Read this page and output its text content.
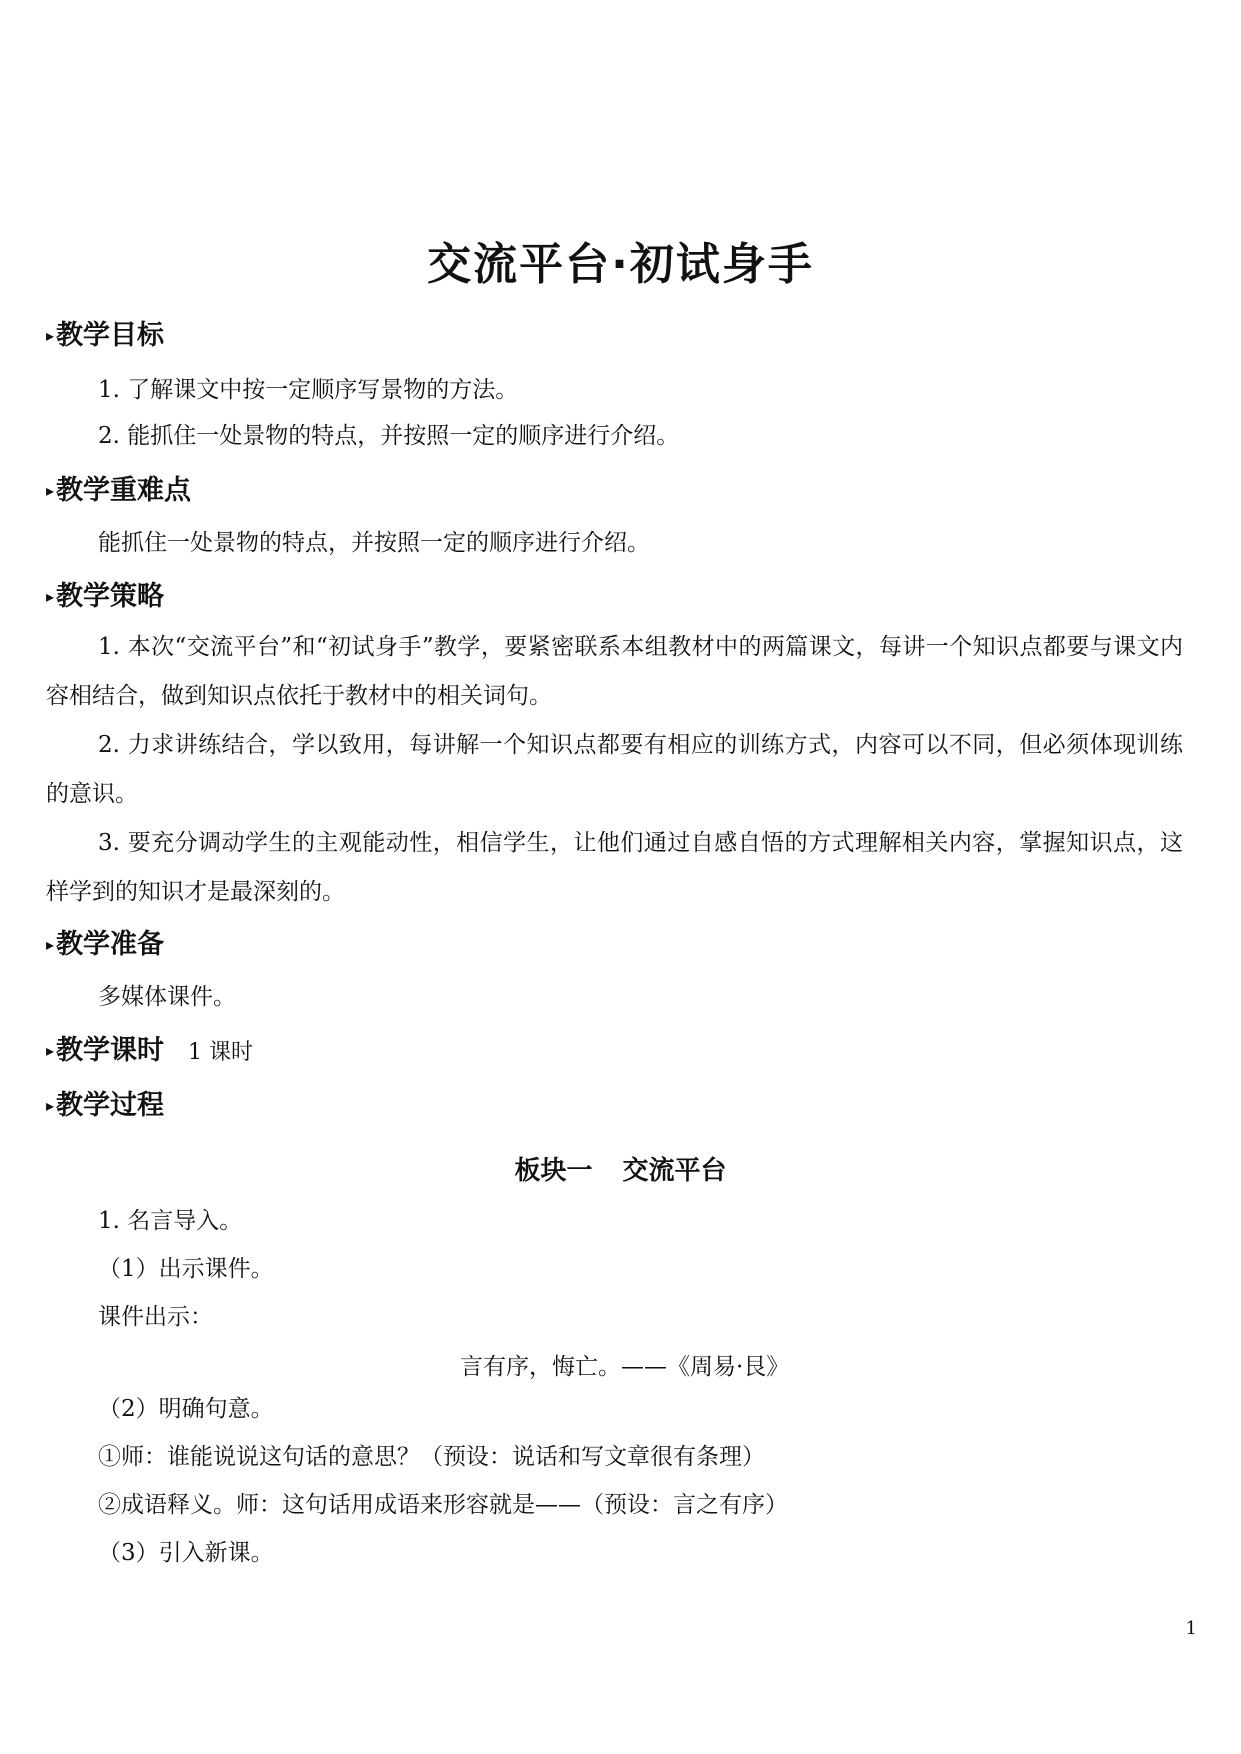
交流平台·初试身手
▸教学目标
1. 了解课文中按一定顺序写景物的方法。
2. 能抓住一处景物的特点，并按照一定的顺序进行介绍。
▸教学重难点
能抓住一处景物的特点，并按照一定的顺序进行介绍。
▸教学策略
1. 本次“交流平台”和“初试身手”教学，要紧密联系本组教材中的两篇课文，每讲一个知识点都要与课文内容相结合，做到知识点依托于教材中的相关词句。
2. 力求讲练结合，学以致用，每讲解一个知识点都要有相应的训练方式，内容可以不同，但必须体现训练的意识。
3. 要充分调动学生的主观能动性，相信学生，让他们通过自感自悟的方式理解相关内容，掌握知识点，这样学到的知识才是最深刻的。
▸教学准备
多媒体课件。
▸教学课时 1 课时
▸教学过程
板块一 交流平台
1. 名言导入。
（1）出示课件。
课件出示：
言有序，悔亡。——《周易·艮》
（2）明确句意。
①师：谁能说说这句话的意思？（预设：说话和写文章很有条理）
②成语释义。师：这句话用成语来形容就是——（预设：言之有序）
（3）引入新课。
1
